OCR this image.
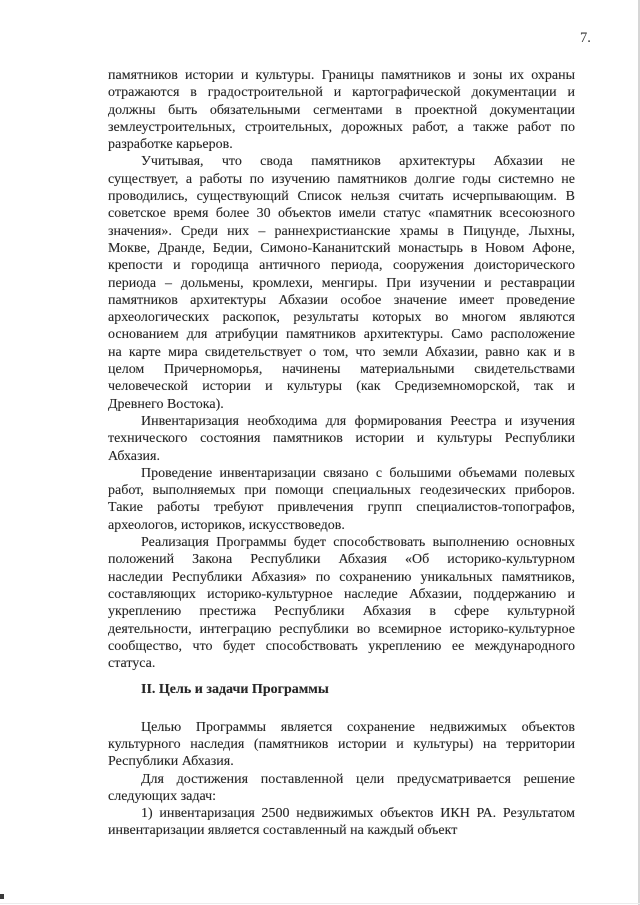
7.
памятников истории и культуры. Границы памятников и зоны их охраны
отражаются в градостроительной и картографической документации и
должны быть обязательными сегментами в проектной документации
землеустроительных, строительных, дорожных работ, а также работ по
разработке карьеров.
Учитывая, что свода памятников архитектуры Абхазии не
существует, а работы по изучению памятников долгие годы системно не
проводились, существующий Список нельзя считать исчерпывающим. В
советское время более 30 объектов имели статус «памятник всесоюзного
значения». Среди них – раннехристианские храмы в Пицунде, Лыхны,
Мокве, Дранде, Бедии, Симоно-Кананитский монастырь в Новом Афоне,
крепости и городища античного периода, сооружения доисторического
периода – дольмены, кромлехи, менгиры. При изучении и реставрации
памятников архитектуры Абхазии особое значение имеет проведение
археологических раскопок, результаты которых во многом являются
основанием для атрибуции памятников архитектуры. Само расположение
на карте мира свидетельствует о том, что земли Абхазии, равно как и в
целом Причерноморья, начинены материальными свидетельствами
человеческой истории и культуры (как Средиземноморской, так и
Древнего Востока).
Инвентаризация необходима для формирования Реестра и изучения
технического состояния памятников истории и культуры Республики
Абхазия.
Проведение инвентаризации связано с большими объемами полевых
работ, выполняемых при помощи специальных геодезических приборов.
Такие работы требуют привлечения групп специалистов-топографов,
археологов, историков, искусствоведов.
Реализация Программы будет способствовать выполнению основных
положений Закона Республики Абхазия «Об историко-культурном
наследии Республики Абхазия» по сохранению уникальных памятников,
составляющих историко-культурное наследие Абхазии, поддержанию и
укреплению престижа Республики Абхазия в сфере культурной
деятельности, интеграцию республики во всемирное историко-культурное
сообщество, что будет способствовать укреплению ее международного
статуса.
II. Цель и задачи Программы
Целью Программы является сохранение недвижимых объектов
культурного наследия (памятников истории и культуры) на территории
Республики Абхазия.
Для достижения поставленной цели предусматривается решение
следующих задач:
1) инвентаризация 2500 недвижимых объектов ИКН РА. Результатом
инвентаризации является составленный на каждый объект
